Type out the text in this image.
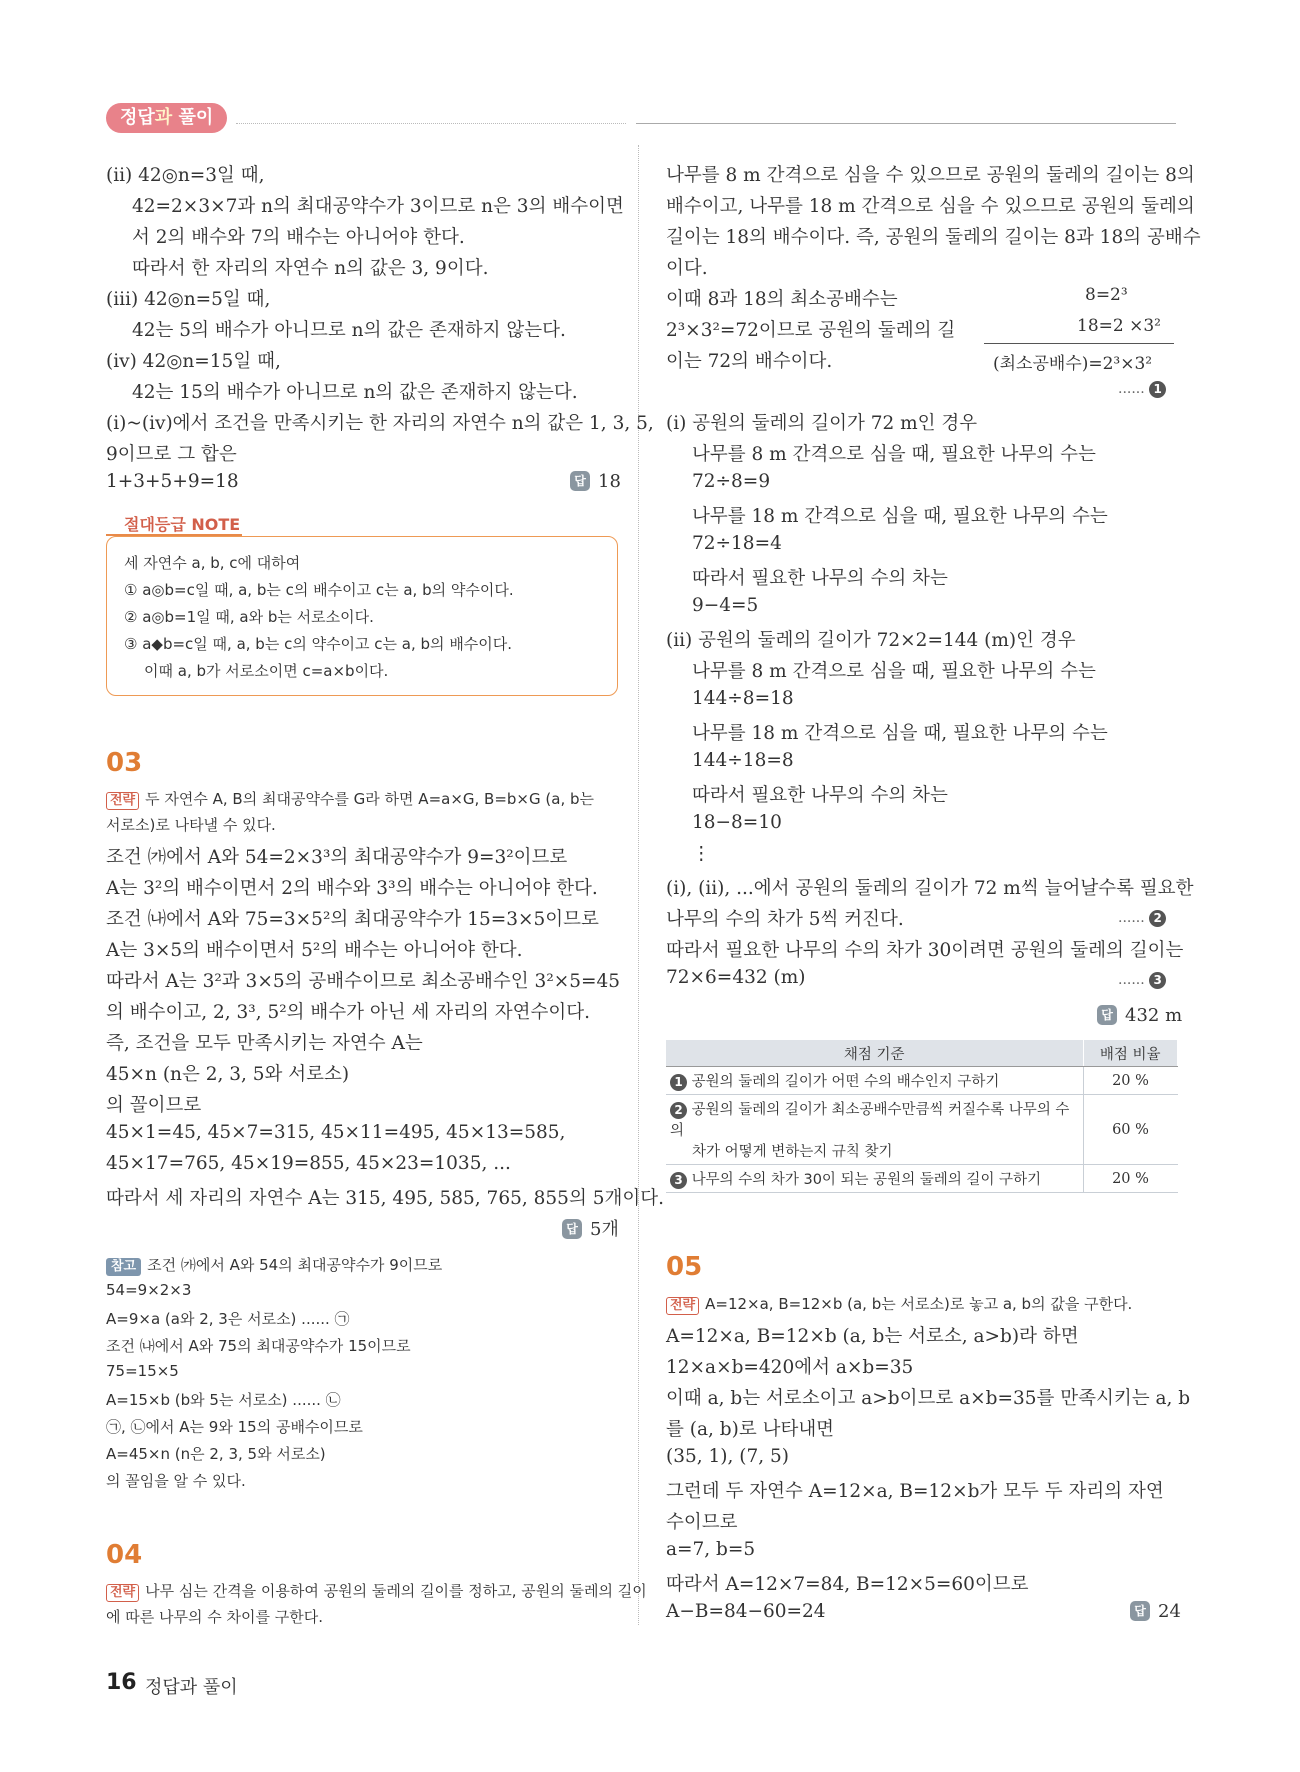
정답과 풀이
(ⅱ) 42◎n=3일 때,
42=2×3×7과 n의 최대공약수가 3이므로 n은 3의 배수이면
서 2의 배수와 7의 배수는 아니어야 한다.
따라서 한 자리의 자연수 n의 값은 3, 9이다.
(ⅲ) 42◎n=5일 때,
42는 5의 배수가 아니므로 n의 값은 존재하지 않는다.
(ⅳ) 42◎n=15일 때,
42는 15의 배수가 아니므로 n의 값은 존재하지 않는다.
(ⅰ)~(ⅳ)에서 조건을 만족시키는 한 자리의 자연수 n의 값은 1, 3, 5,
9이므로 그 합은
1+3+5+9=18	답 18
절대등급 NOTE
세 자연수 a, b, c에 대하여
① a◎b=c일 때, a, b는 c의 배수이고 c는 a, b의 약수이다.
② a◎b=1일 때, a와 b는 서로소이다.
③ a◆b=c일 때, a, b는 c의 약수이고 c는 a, b의 배수이다.
이때 a, b가 서로소이면 c=a×b이다.
03
전략 두 자연수 A, B의 최대공약수를 G라 하면 A=a×G, B=b×G (a, b는
서로소)로 나타낼 수 있다.
조건 ㈎에서 A와 54=2×3³의 최대공약수가 9=3²이므로
A는 3²의 배수이면서 2의 배수와 3³의 배수는 아니어야 한다.
조건 ㈏에서 A와 75=3×5²의 최대공약수가 15=3×5이므로
A는 3×5의 배수이면서 5²의 배수는 아니어야 한다.
따라서 A는 3²과 3×5의 공배수이므로 최소공배수인 3²×5=45
의 배수이고, 2, 3³, 5²의 배수가 아닌 세 자리의 자연수이다.
즉, 조건을 모두 만족시키는 자연수 A는
45×n (n은 2, 3, 5와 서로소)
의 꼴이므로
45×1=45, 45×7=315, 45×11=495, 45×13=585,
45×17=765, 45×19=855, 45×23=1035, ...
따라서 세 자리의 자연수 A는 315, 495, 585, 765, 855의 5개이다.
답 5개
참고 조건 ㈎에서 A와 54의 최대공약수가 9이므로
54=9×2×3
A=9×a (a와 2, 3은 서로소) ...... ㉠
조건 ㈏에서 A와 75의 최대공약수가 15이므로
75=15×5
A=15×b (b와 5는 서로소) ...... ㉡
㉠, ㉡에서 A는 9와 15의 공배수이므로
A=45×n (n은 2, 3, 5와 서로소)
의 꼴임을 알 수 있다.
04
전략 나무 심는 간격을 이용하여 공원의 둘레의 길이를 정하고, 공원의 둘레의 길이
에 따른 나무의 수 차이를 구한다.
나무를 8 m 간격으로 심을 수 있으므로 공원의 둘레의 길이는 8의
배수이고, 나무를 18 m 간격으로 심을 수 있으므로 공원의 둘레의
길이는 18의 배수이다. 즉, 공원의 둘레의 길이는 8과 18의 공배수
이다.
이때 8과 18의 최소공배수는
2³×3²=72이므로 공원의 둘레의 길
이는 72의 배수이다.
8=2³
18=2 ×3²
(최소공배수)=2³×3²
...... 1
(ⅰ) 공원의 둘레의 길이가 72 m인 경우
나무를 8 m 간격으로 심을 때, 필요한 나무의 수는
72÷8=9
나무를 18 m 간격으로 심을 때, 필요한 나무의 수는
72÷18=4
따라서 필요한 나무의 수의 차는
9−4=5
(ⅱ) 공원의 둘레의 길이가 72×2=144 (m)인 경우
나무를 8 m 간격으로 심을 때, 필요한 나무의 수는
144÷8=18
나무를 18 m 간격으로 심을 때, 필요한 나무의 수는
144÷18=8
따라서 필요한 나무의 수의 차는
18−8=10
⋮
(ⅰ), (ⅱ), ...에서 공원의 둘레의 길이가 72 m씩 늘어날수록 필요한
나무의 수의 차가 5씩 커진다.
따라서 필요한 나무의 수의 차가 30이려면 공원의 둘레의 길이는
72×6=432 (m)
...... 2
...... 3
답 432 m
채점 기준	배점 비율
1 공원의 둘레의 길이가 어떤 수의 배수인지 구하기	20 %
2 공원의 둘레의 길이가 최소공배수만큼씩 커질수록 나무의 수의
차가 어떻게 변하는지 규칙 찾기	60 %
3 나무의 수의 차가 30이 되는 공원의 둘레의 길이 구하기	20 %
05
전략 A=12×a, B=12×b (a, b는 서로소)로 놓고 a, b의 값을 구한다.
A=12×a, B=12×b (a, b는 서로소, a>b)라 하면
12×a×b=420에서 a×b=35
이때 a, b는 서로소이고 a>b이므로 a×b=35를 만족시키는 a, b
를 (a, b)로 나타내면
(35, 1), (7, 5)
그런데 두 자연수 A=12×a, B=12×b가 모두 두 자리의 자연
수이므로
a=7, b=5
따라서 A=12×7=84, B=12×5=60이므로
A−B=84−60=24	답 24
16 정답과 풀이
